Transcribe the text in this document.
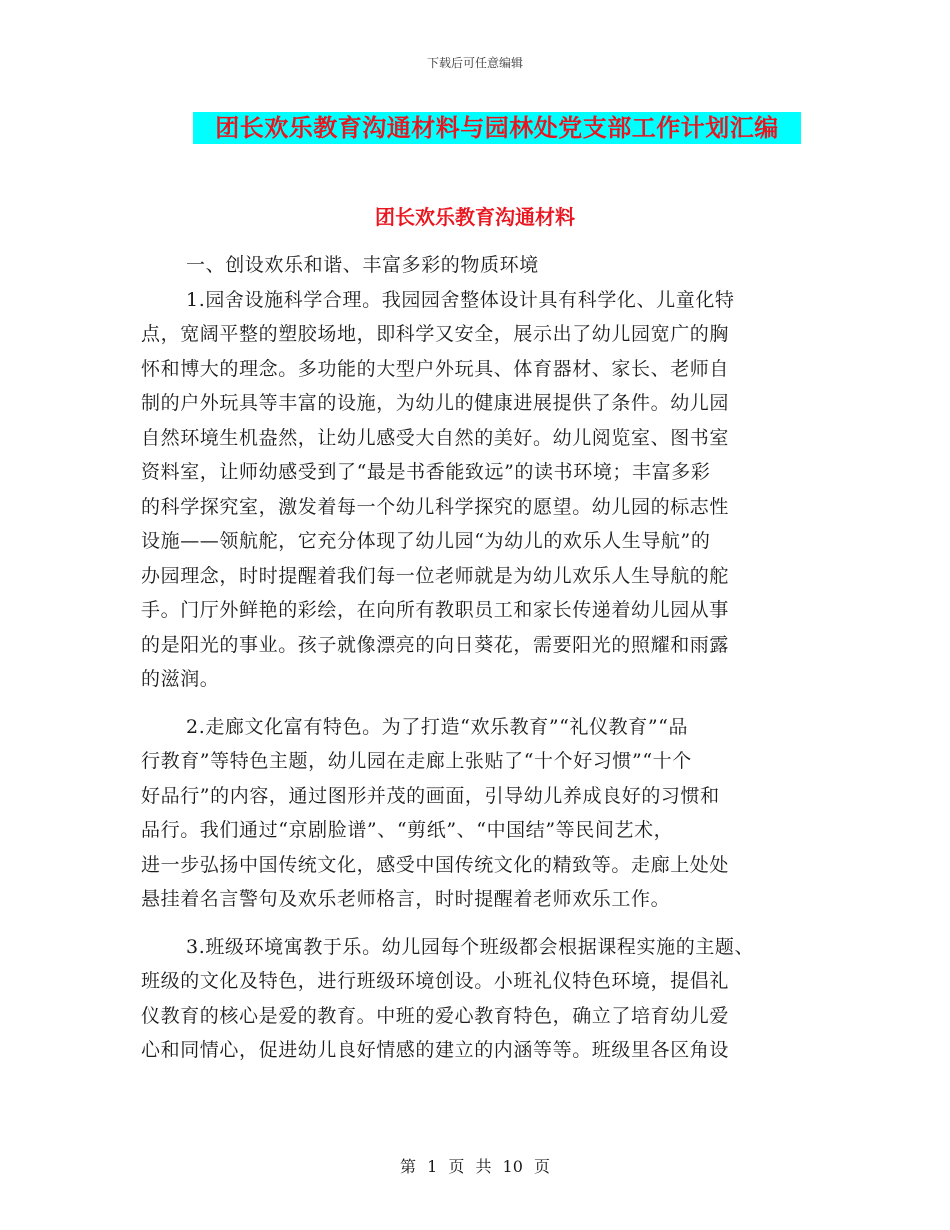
下载后可任意编辑
团长欢乐教育沟通材料与园林处党支部工作计划汇编
团长欢乐教育沟通材料
一、创设欢乐和谐、丰富多彩的物质环境
1.园舍设施科学合理。我园园舍整体设计具有科学化、儿童化特
点，宽阔平整的塑胶场地，即科学又安全，展示出了幼儿园宽广的胸
怀和博大的理念。多功能的大型户外玩具、体育器材、家长、老师自
制的户外玩具等丰富的设施，为幼儿的健康进展提供了条件。幼儿园
自然环境生机盎然，让幼儿感受大自然的美好。幼儿阅览室、图书室
资料室，让师幼感受到了“最是书香能致远”的读书环境；丰富多彩
的科学探究室，激发着每一个幼儿科学探究的愿望。幼儿园的标志性
设施——领航舵，它充分体现了幼儿园“为幼儿的欢乐人生导航”的
办园理念，时时提醒着我们每一位老师就是为幼儿欢乐人生导航的舵
手。门厅外鲜艳的彩绘，在向所有教职员工和家长传递着幼儿园从事
的是阳光的事业。孩子就像漂亮的向日葵花，需要阳光的照耀和雨露
的滋润。
2.走廊文化富有特色。为了打造“欢乐教育”“礼仪教育”“品
行教育”等特色主题，幼儿园在走廊上张贴了“十个好习惯”“十个
好品行”的内容，通过图形并茂的画面，引导幼儿养成良好的习惯和
品行。我们通过“京剧脸谱”、“剪纸”、“中国结”等民间艺术，
进一步弘扬中国传统文化，感受中国传统文化的精致等。走廊上处处
悬挂着名言警句及欢乐老师格言，时时提醒着老师欢乐工作。
3.班级环境寓教于乐。幼儿园每个班级都会根据课程实施的主题、
班级的文化及特色，进行班级环境创设。小班礼仪特色环境，提倡礼
仪教育的核心是爱的教育。中班的爱心教育特色，确立了培育幼儿爱
心和同情心，促进幼儿良好情感的建立的内涵等等。班级里各区角设
第 1 页 共 10 页
